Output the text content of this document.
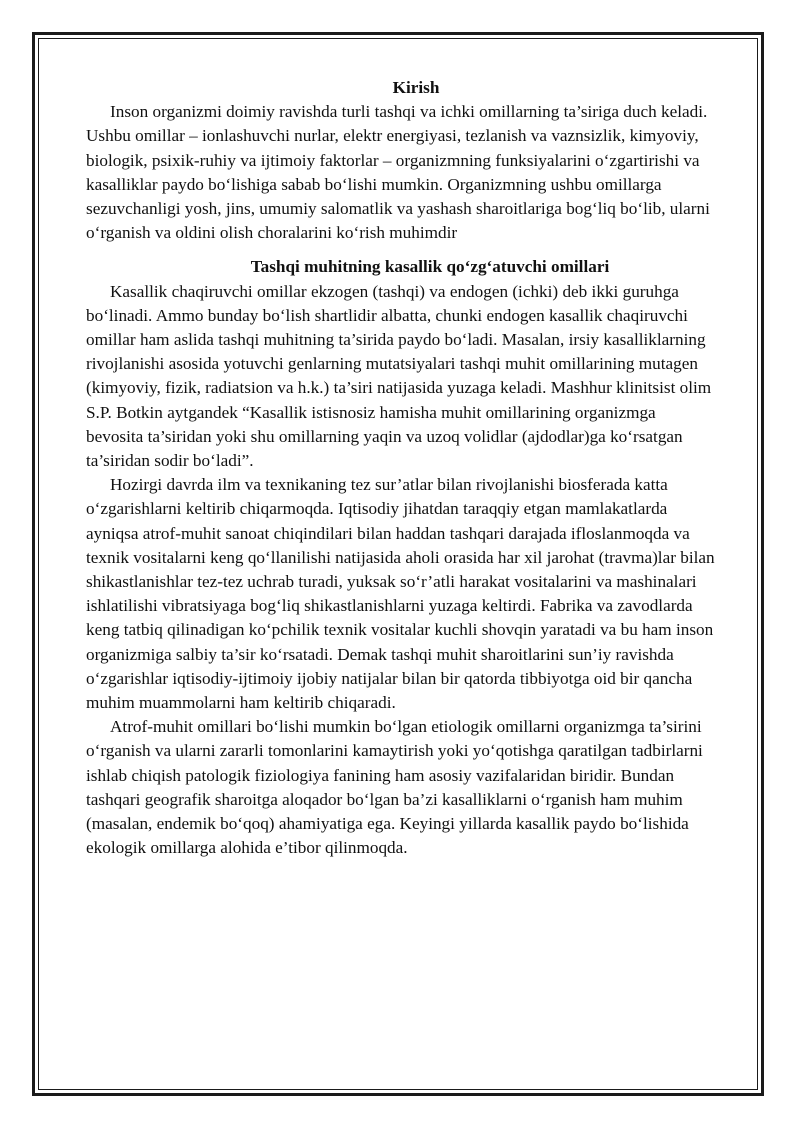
Kirish

Inson organizmi doimiy ravishda turli tashqi va ichki omillarning ta’siriga duch keladi. Ushbu omillar – ionlashuvchi nurlar, elektr energiyasi, tezlanish va vaznsizlik, kimyoviy, biologik, psixik-ruhiy va ijtimoiy faktorlar – organizmning funksiyalarini o‘zgartirishi va kasalliklar paydo bo‘lishiga sabab bo‘lishi mumkin. Organizmning ushbu omillarga sezuvchanligi yosh, jins, umumiy salomatlik va yashash sharoitlariga bog‘liq bo‘lib, ularni o‘rganish va oldini olish choralarini ko‘rish muhimdir

Tashqi muhitning kasallik qo‘zg‘atuvchi omillari

Kasallik chaqiruvchi omillar ekzogen (tashqi) va endogen (ichki) deb ikki guruhga bo‘linadi. Ammo bunday bo‘lish shartlidir albatta, chunki endogen kasallik chaqiruvchi omillar ham aslida tashqi muhitning ta’sirida paydo bo‘ladi. Masalan, irsiy kasalliklarning rivojlanishi asosida yotuvchi genlarning mutatsiyalari tashqi muhit omillarining mutagen (kimyoviy, fizik, radiatsion va h.k.) ta’siri natijasida yuzaga keladi. Mashhur klinitsist olim S.P. Botkin aytgandek “Kasallik istisnosiz hamisha muhit omillarining organizmga bevosita ta’siridan yoki shu omillarning yaqin va uzoq volidlar (ajdodlar)ga ko‘rsatgan ta’siridan sodir bo‘ladi”.

Hozirgi davrda ilm va texnikaning tez sur’atlar bilan rivojlanishi biosferada katta o‘zgarishlarni keltirib chiqarmoqda. Iqtisodiy jihatdan taraqqiy etgan mamlakatlarda ayniqsa atrof-muhit sanoat chiqindilari bilan haddan tashqari darajada ifloslanmoqda va texnik vositalarni keng qo‘llanilishi natijasida aholi orasida har xil jarohat (travma)lar bilan shikastlanishlar tez-tez uchrab turadi, yuksak so‘r’atli harakat vositalarini va mashinalari ishlatilishi vibratsiyaga bog‘liq shikastlanishlarni yuzaga keltirdi. Fabrika va zavodlarda keng tatbiq qilinadigan ko‘pchilik texnik vositalar kuchli shovqin yaratadi va bu ham inson organizmiga salbiy ta’sir ko‘rsatadi. Demak tashqi muhit sharoitlarini sun’iy ravishda o‘zgarishlar iqtisodiy-ijtimoiy ijobiy natijalar bilan bir qatorda tibbiyotga oid bir qancha muhim muammolarni ham keltirib chiqaradi.

Atrof-muhit omillari bo‘lishi mumkin bo‘lgan etiologik omillarni organizmga ta’sirini o‘rganish va ularni zararli tomonlarini kamaytirish yoki yo‘qotishga qaratilgan tadbirlarni ishlab chiqish patologik fiziologiya fanining ham asosiy vazifalaridan biridir. Bundan tashqari geografik sharoitga aloqador bo‘lgan ba’zi kasalliklarni o‘rganish ham muhim (masalan, endemik bo‘qoq) ahamiyatiga ega. Keyingi yillarda kasallik paydo bo‘lishida ekologik omillarga alohida e’tibor qilinmoqda.
